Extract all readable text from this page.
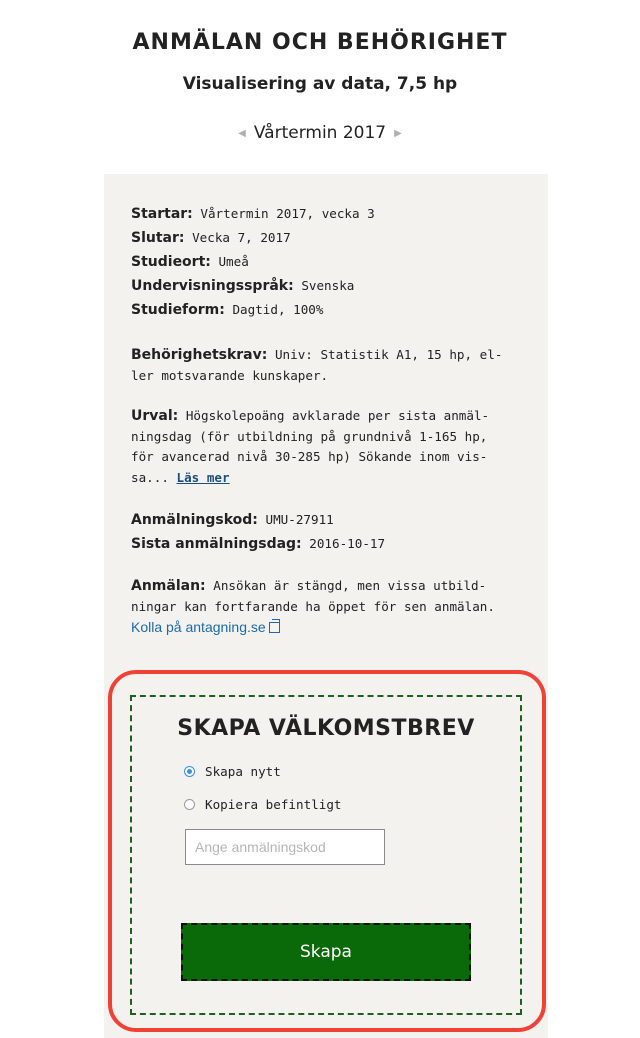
ANMÄLAN OCH BEHÖRIGHET
Visualisering av data, 7,5 hp
◀ Vårtermin 2017 ▶
Startar: Vårtermin 2017, vecka 3
Slutar: Vecka 7, 2017
Studieort: Umeå
Undervisningsspråk: Svenska
Studieform: Dagtid, 100%
Behörighetskrav: Univ: Statistik A1, 15 hp, el-
ler motsvarande kunskaper.
Urval: Högskolepoäng avklarade per sista anmäl-
ningsdag (för utbildning på grundnivå 1-165 hp,
för avancerad nivå 30-285 hp) Sökande inom vis-
sa... Läs mer
Anmälningskod: UMU-27911
Sista anmälningsdag: 2016-10-17
Anmälan: Ansökan är stängd, men vissa utbild-
ningar kan fortfarande ha öppet för sen anmälan.
Kolla på antagning.se
SKAPA VÄLKOMSTBREV
Skapa nytt
Kopiera befintligt
Ange anmälningskod
Skapa
